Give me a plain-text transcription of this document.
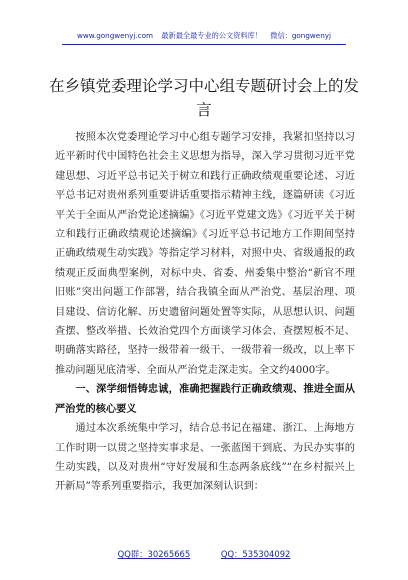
www.gongwenyj.com 最新最全最专业的公文资料库！ 微信：gongwenyj
在乡镇党委理论学习中心组专题研讨会上的发言

按照本次党委理论学习中心组专题学习安排，我紧扣坚持以习近平新时代中国特色社会主义思想为指导，深入学习贯彻习近平党建思想、习近平总书记关于树立和践行正确政绩观重要论述、习近平总书记对贵州系列重要讲话重要指示精神主线，逐篇研读《习近平关于全面从严治党论述摘编》《习近平党建文选》《习近平关于树立和践行正确政绩观论述摘编》《习近平总书记地方工作期间坚持正确政绩观生动实践》等指定学习材料，对照中央、省级通报的政绩观正反面典型案例，对标中央、省委、州委集中整治“新官不理旧账”突出问题工作部署，结合我镇全面从严治党、基层治理、项目建设、信访化解、历史遗留问题处置等实际，从思想认识、问题查摆、整改举措、长效治党四个方面谈学习体会、查摆短板不足、明确落实路径，坚持一级带着一级干、一级带着一级改，以上率下推动问题见底清零、全面从严治党走深走实。全文约4000字。

一、深学细悟铸忠诚，准确把握践行正确政绩观、推进全面从严治党的核心要义

通过本次系统集中学习，结合总书记在福建、浙江、上海地方工作时期一以贯之坚持实事求是、一张蓝图干到底、为民办实事的生动实践，以及对贵州“守好发展和生态两条底线”“在乡村振兴上开新局”等系列重要指示，我更加深刻认识到：

QQ群：30265665	QQ：535304092
